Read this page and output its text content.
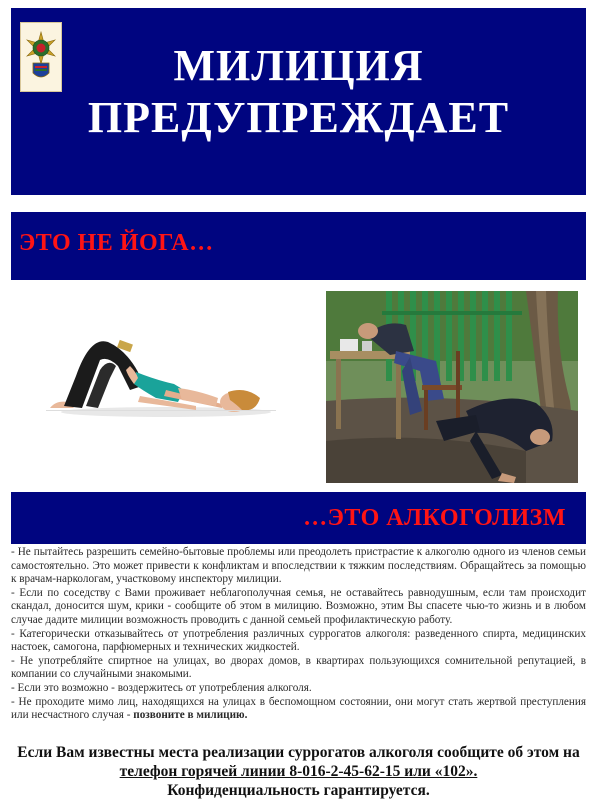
МИЛИЦИЯ
ПРЕДУПРЕЖДАЕТ
ЭТО НЕ ЙОГА…
…ЭТО АЛКОГОЛИЗМ

- Не пытайтесь разрешить семейно-бытовые проблемы или преодолеть пристрастие к алкоголю одного из членов семьи самостоятельно. Это может привести к конфликтам и впоследствии к тяжким последствиям. Обращайтесь за помощью к врачам-наркологам, участковому инспектору милиции.

- Если по соседству с Вами проживает неблагополучная семья, не оставайтесь равнодушным, если там происходит скандал, доносится шум, крики - сообщите об этом в милицию. Возможно, этим Вы спасете чью-то жизнь и в любом случае дадите милиции возможность проводить с данной семьей профилактическую работу.

- Категорически отказывайтесь от употребления различных суррогатов алкоголя: разведенного спирта, медицинских настоек, самогона, парфюмерных и технических жидкостей.

- Не употребляйте спиртное на улицах, во дворах домов, в квартирах пользующихся сомнительной репутацией, в компании со случайными знакомыми.

- Если это возможно - воздержитесь от употребления алкоголя.

- Не проходите мимо лиц, находящихся на улицах в беспомощном состоянии, они могут стать жертвой преступления или несчастного случая - позвоните в милицию.

Если Вам известны места реализации суррогатов алкоголя сообщите об этом на
телефон горячей линии 8-016-2-45-62-15 или «102».
Конфиденциальность гарантируется.
